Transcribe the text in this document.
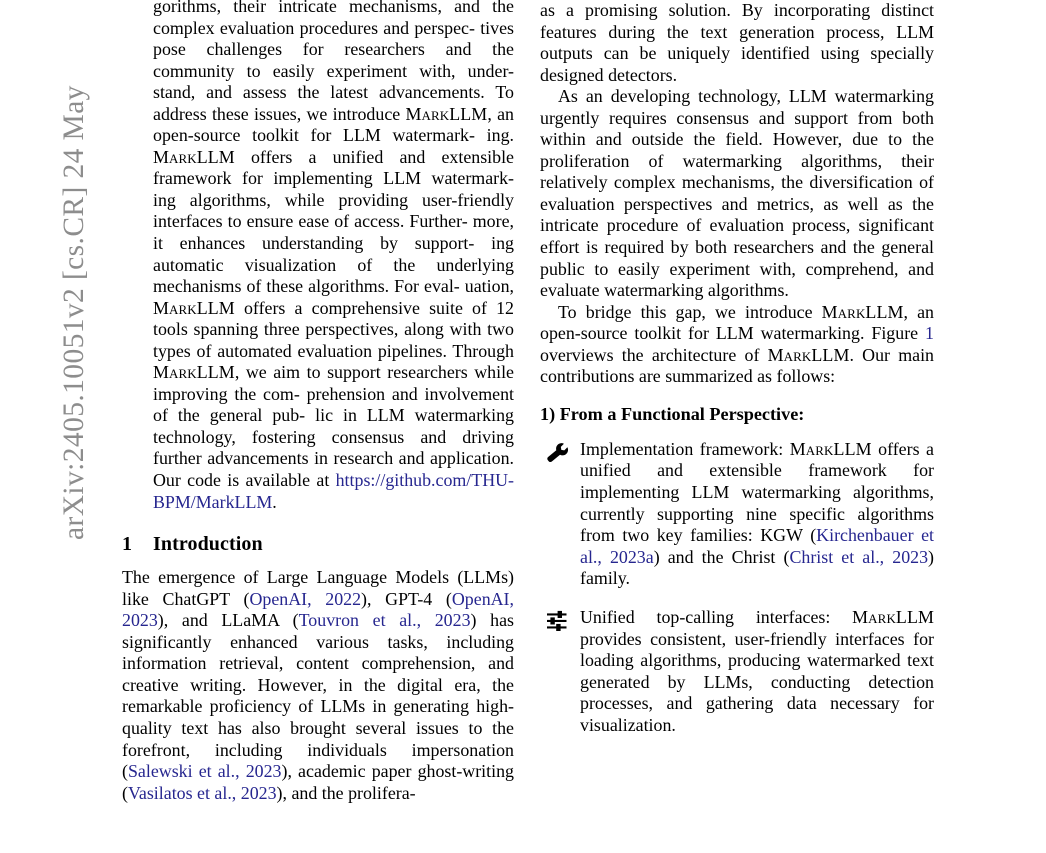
arXiv:2405.10051v2 [cs.CR] 24 May
gorithms, their intricate mechanisms, and the complex evaluation procedures and perspec- tives pose challenges for researchers and the community to easily experiment with, under- stand, and assess the latest advancements. To address these issues, we introduce MarkLLM, an open-source toolkit for LLM watermark- ing. MarkLLM offers a unified and extensible framework for implementing LLM watermark- ing algorithms, while providing user-friendly interfaces to ensure ease of access. Further- more, it enhances understanding by support- ing automatic visualization of the underlying mechanisms of these algorithms. For eval- uation, MarkLLM offers a comprehensive suite of 12 tools spanning three perspectives, along with two types of automated evaluation pipelines. Through MarkLLM, we aim to support researchers while improving the com- prehension and involvement of the general pub- lic in LLM watermarking technology, fostering consensus and driving further advancements in research and application. Our code is available at https://github.com/THU-BPM/MarkLLM.
1 Introduction

The emergence of Large Language Models (LLMs) like ChatGPT (OpenAI, 2022), GPT-4 (OpenAI, 2023), and LLaMA (Touvron et al., 2023) has significantly enhanced various tasks, including information retrieval, content comprehension, and creative writing. However, in the digital era, the remarkable proficiency of LLMs in generating high-quality text has also brought several issues to the forefront, including individuals impersonation (Salewski et al., 2023), academic paper ghost-writing (Vasilatos et al., 2023), and the prolifera-

as a promising solution. By incorporating distinct features during the text generation process, LLM outputs can be uniquely identified using specially designed detectors.

As an developing technology, LLM watermarking urgently requires consensus and support from both within and outside the field. However, due to the proliferation of watermarking algorithms, their relatively complex mechanisms, the diversification of evaluation perspectives and metrics, as well as the intricate procedure of evaluation process, significant effort is required by both researchers and the general public to easily experiment with, comprehend, and evaluate watermarking algorithms.

To bridge this gap, we introduce MarkLLM, an open-source toolkit for LLM watermarking. Figure 1 overviews the architecture of MarkLLM. Our main contributions are summarized as follows:

1) From a Functional Perspective:
Implementation framework: MarkLLM offers a unified and extensible framework for implementing LLM watermarking algorithms, currently supporting nine specific algorithms from two key families: KGW (Kirchenbauer et al., 2023a) and the Christ (Christ et al., 2023) family.
Unified top-calling interfaces: MarkLLM provides consistent, user-friendly interfaces for loading algorithms, producing watermarked text generated by LLMs, conducting detection processes, and gathering data necessary for visualization.
